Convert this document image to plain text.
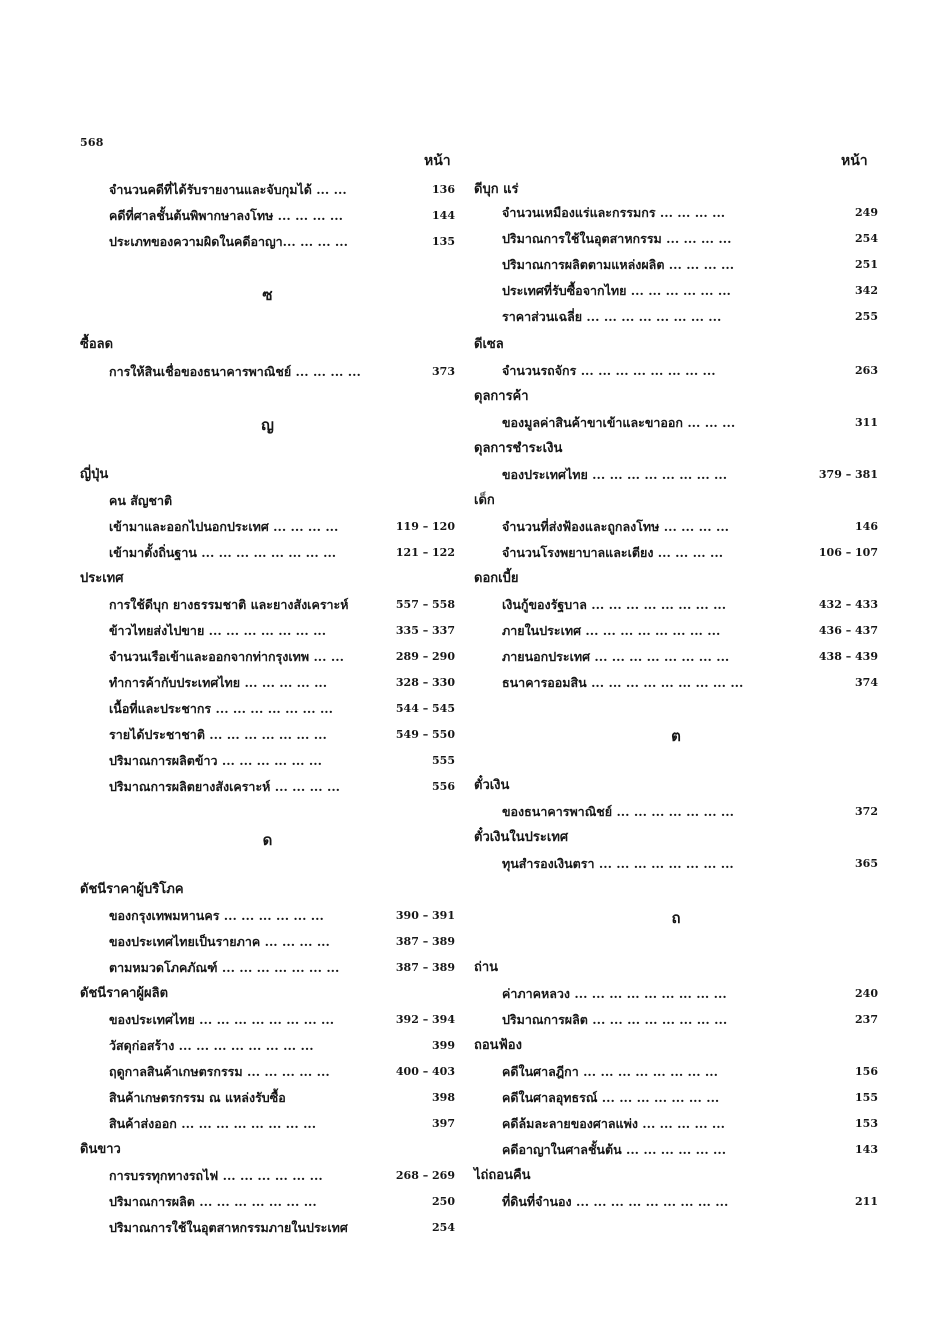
568
หน้า
จำนวนคดีที่ได้รับรายงานและจับกุมได้ ... ...	136
คดีที่ศาลชั้นต้นพิพากษาลงโทษ ... ... ... ...	144
ประเภทของความผิดในคดีอาญา... ... ... ...	135
ซ
ซื้อลด
การให้สินเชื่อของธนาคารพาณิชย์ ... ... ... ...	373
ญ
ญี่ปุ่น
คน สัญชาติ
เข้ามาและออกไปนอกประเทศ ... ... ... ...	119 – 120
เข้ามาตั้งถิ่นฐาน ... ... ... ... ... ... ... ...	121 – 122
ประเทศ
การใช้ดีบุก ยางธรรมชาติ และยางสังเคราะห์	557 – 558
ข้าวไทยส่งไปขาย ... ... ... ... ... ... ...	335 – 337
จำนวนเรือเข้าและออกจากท่ากรุงเทพ ... ...	289 – 290
ทำการค้ากับประเทศไทย ... ... ... ... ...	328 – 330
เนื้อที่และประชากร ... ... ... ... ... ... ...	544 – 545
รายได้ประชาชาติ ... ... ... ... ... ... ...	549 – 550
ปริมาณการผลิตข้าว ... ... ... ... ... ...	555
ปริมาณการผลิตยางสังเคราะห์ ... ... ... ...	556
ด
ดัชนีราคาผู้บริโภค
ของกรุงเทพมหานคร ... ... ... ... ... ...	390 – 391
ของประเทศไทยเป็นรายภาค ... ... ... ...	387 – 389
ตามหมวดโภคภัณฑ์ ... ... ... ... ... ... ...	387 – 389
ดัชนีราคาผู้ผลิต
ของประเทศไทย ... ... ... ... ... ... ... ...	392 – 394
วัสดุก่อสร้าง ... ... ... ... ... ... ... ...	399
ฤดูกาลสินค้าเกษตรกรรม ... ... ... ... ...	400 – 403
สินค้าเกษตรกรรม ณ แหล่งรับซื้อ	398
สินค้าส่งออก ... ... ... ... ... ... ... ...	397
ดินขาว
การบรรทุกทางรถไฟ ... ... ... ... ... ...	268 – 269
ปริมาณการผลิต ... ... ... ... ... ... ...	250
ปริมาณการใช้ในอุตสาหกรรมภายในประเทศ	254
หน้า
ดีบุก แร่
จำนวนเหมืองแร่และกรรมกร ... ... ... ...	249
ปริมาณการใช้ในอุตสาหกรรม ... ... ... ...	254
ปริมาณการผลิตตามแหล่งผลิต ... ... ... ...	251
ประเทศที่รับซื้อจากไทย ... ... ... ... ... ...	342
ราคาส่วนเฉลี่ย ... ... ... ... ... ... ... ...	255
ดีเซล
จำนวนรถจักร ... ... ... ... ... ... ... ...	263
ดุลการค้า
ของมูลค่าสินค้าขาเข้าและขาออก ... ... ...	311
ดุลการชำระเงิน
ของประเทศไทย ... ... ... ... ... ... ... ...	379 – 381
เด็ก
จำนวนที่ส่งฟ้องและถูกลงโทษ ... ... ... ...	146
จำนวนโรงพยาบาลและเตียง ... ... ... ...	106 – 107
ดอกเบี้ย
เงินกู้ของรัฐบาล ... ... ... ... ... ... ... ...	432 – 433
ภายในประเทศ ... ... ... ... ... ... ... ...	436 – 437
ภายนอกประเทศ ... ... ... ... ... ... ... ...	438 – 439
ธนาคารออมสิน ... ... ... ... ... ... ... ... ...	374
ต
ตั๋วเงิน
ของธนาคารพาณิชย์ ... ... ... ... ... ... ...	372
ตั๋วเงินในประเทศ
ทุนสำรองเงินตรา ... ... ... ... ... ... ... ...	365
ถ
ถ่าน
ค่าภาคหลวง ... ... ... ... ... ... ... ... ...	240
ปริมาณการผลิต ... ... ... ... ... ... ... ...	237
ถอนฟ้อง
คดีในศาลฎีกา ... ... ... ... ... ... ... ...	156
คดีในศาลอุทธรณ์ ... ... ... ... ... ... ...	155
คดีล้มละลายของศาลแพ่ง ... ... ... ... ...	153
คดีอาญาในศาลชั้นต้น ... ... ... ... ... ...	143
ไถ่ถอนคืน
ที่ดินที่จำนอง ... ... ... ... ... ... ... ... ...	211
